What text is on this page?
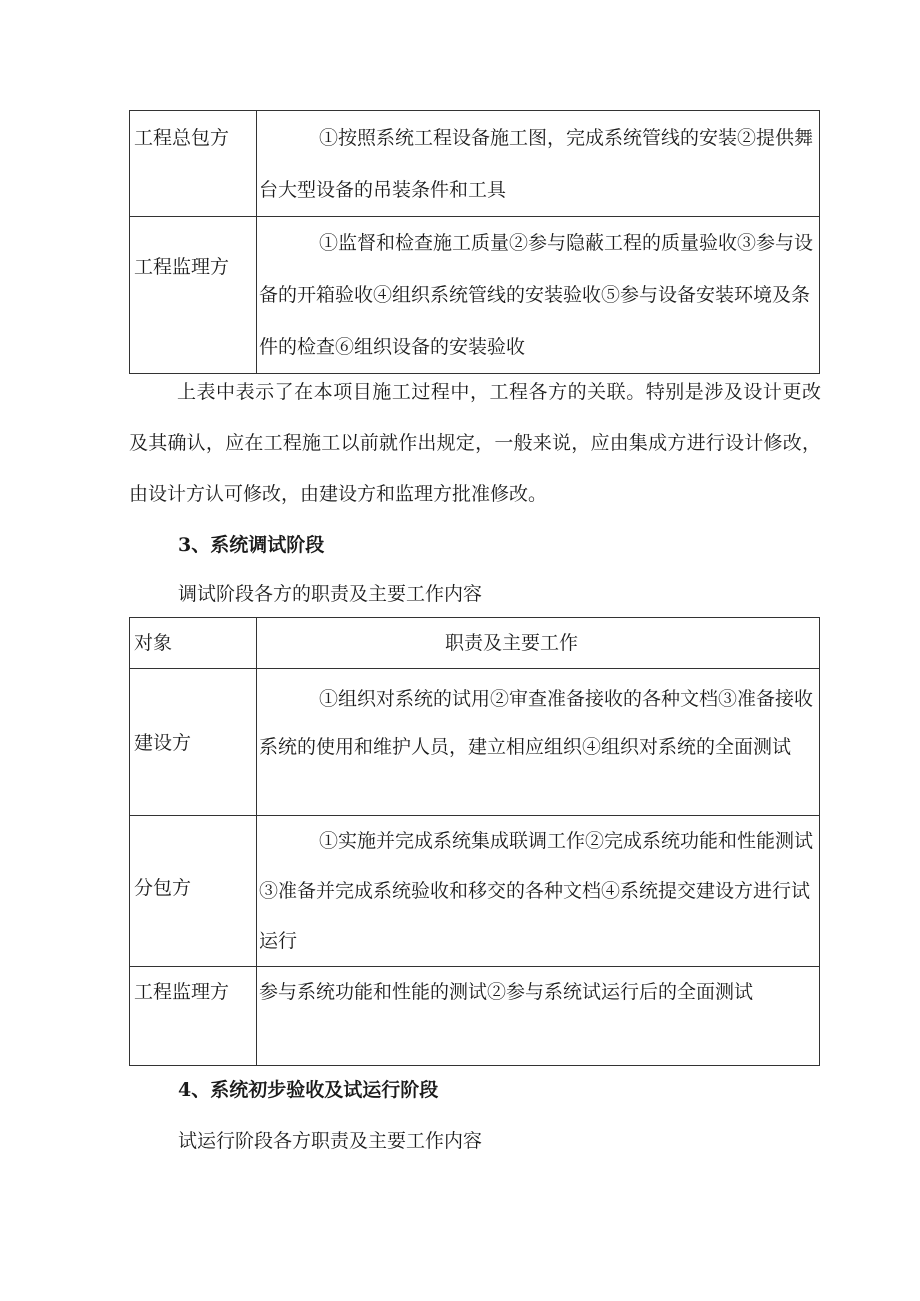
工程总包方	①按照系统工程设备施工图，完成系统管线的安装②提供舞台大型设备的吊装条件和工具

工程监理方	①监督和检查施工质量②参与隐蔽工程的质量验收③参与设备的开箱验收④组织系统管线的安装验收⑤参与设备安装环境及条件的检查⑥组织设备的安装验收

上表中表示了在本项目施工过程中，工程各方的关联。特别是涉及设计更改及其确认，应在工程施工以前就作出规定，一般来说，应由集成方进行设计修改，由设计方认可修改，由建设方和监理方批准修改。

3、系统调试阶段

调试阶段各方的职责及主要工作内容

对象	职责及主要工作

建设方	①组织对系统的试用②审查准备接收的各种文档③准备接收系统的使用和维护人员，建立相应组织④组织对系统的全面测试

分包方	①实施并完成系统集成联调工作②完成系统功能和性能测试③准备并完成系统验收和移交的各种文档④系统提交建设方进行试运行

工程监理方	参与系统功能和性能的测试②参与系统试运行后的全面测试

4、系统初步验收及试运行阶段

试运行阶段各方职责及主要工作内容
